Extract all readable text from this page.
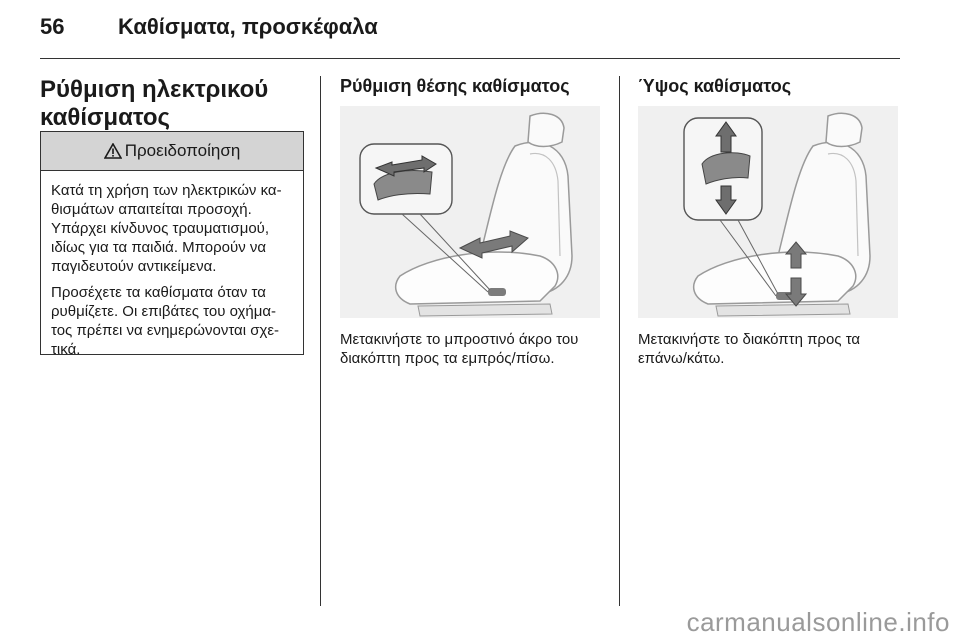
56 Καθίσματα, προσκέφαλα
Ρύθμιση ηλεκτρικού καθίσματος
Προειδοποίηση

Κατά τη χρήση των ηλεκτρικών κα-
θισμάτων απαιτείται προσοχή.
Υπάρχει κίνδυνος τραυματισμού,
ιδίως για τα παιδιά. Μπορούν να
παγιδευτούν αντικείμενα.

Προσέχετε τα καθίσματα όταν τα
ρυθμίζετε. Οι επιβάτες του οχήμα-
τος πρέπει να ενημερώνονται σχε-
τικά.

Ρύθμιση θέσης καθίσματος
Μετακινήστε το μπροστινό άκρο του
διακόπτη προς τα εμπρός/πίσω.
Ύψος καθίσματος
Μετακινήστε το διακόπτη προς τα
επάνω/κάτω.
carmanualsonline.info
